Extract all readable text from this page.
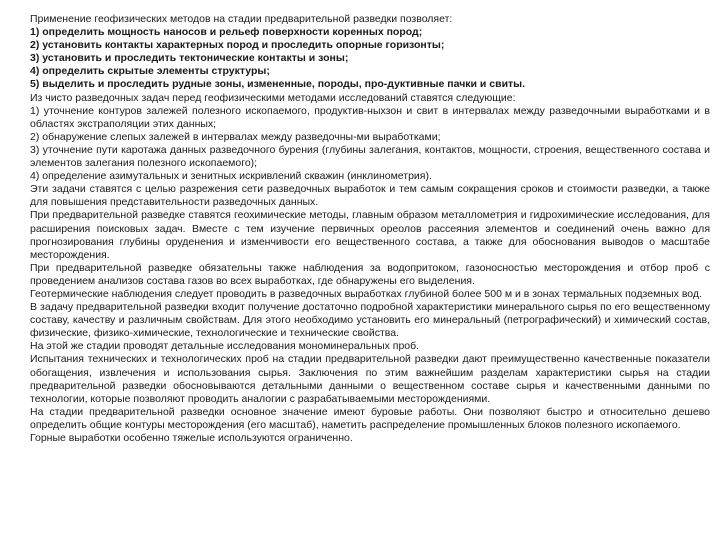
Применение геофизических методов на стадии предварительной разведки позволяет:

1) определить мощность наносов и рельеф поверхности коренных пород;

2) установить контакты характерных пород и проследить опорные горизонты;

3) установить и проследить тектонические контакты и зоны;

4) определить скрытые элементы структуры;

5) выделить и проследить рудные зоны, измененные, породы, про-дуктивные пачки и свиты.

Из чисто разведочных задач перед геофизическими методами исследований ставятся следующие:

1) уточнение контуров залежей полезного ископаемого, продуктив-ныхзон и свит в интервалах между разведочными выработками и в областях экстраполяции этих данных;

2) обнаружение слепых залежей в интервалах между разведочны-ми выработками;

3) уточнение пути каротажа данных разведочного бурения (глубины залегания, контактов, мощности, строения, вещественного состава и элементов залегания полезного ископаемого);

4) определение азимутальных и зенитных искривлений скважин (инклинометрия).

Эти задачи ставятся с целью разрежения сети разведочных выработок и тем самым сокращения сроков и стоимости разведки, а также для повышения представительности разведочных данных.

При предварительной разведке ставятся геохимические методы, главным образом металлометрия и гидрохимические исследования, для расширения поисковых задач. Вместе с тем изучение первичных ореолов рассеяния элементов и соединений очень важно для прогнозирования глубины оруденения и изменчивости его вещественного состава, а также для обоснования выводов о масштабе месторождения.

При предварительной разведке обязательны также наблюдения за водопритоком, газоносностью месторождения и отбор проб с проведением анализов состава газов во всех выработках, где обнаружены его выделения.

Геотермические наблюдения следует проводить в разведочных выработках глубиной более 500 м и в зонах термальных подземных вод.

В задачу предварительной разведки входит получение достаточно подробной характеристики минерального сырья по его вещественному составу, качеству и различным свойствам. Для этого необходимо установить его минеральный (петрографический) и химический состав, физические, физико-химические, технологические и технические свойства.

На этой же стадии проводят детальные исследования мономинеральных проб.

Испытания технических и технологических проб на стадии предварительной разведки дают преимущественно качественные показатели обогащения, извлечения и использования сырья. Заключения по этим важнейшим разделам характеристики сырья на стадии предварительной разведки обосновываются детальными данными о вещественном составе сырья и качественными данными по технологии, которые позволяют проводить аналогии с разрабатываемыми месторождениями.

На стадии предварительной разведки основное значение имеют буровые работы. Они позволяют быстро и относительно дешево определить общие контуры месторождения (его масштаб), наметить распределение промышленных блоков полезного ископаемого.

Горные выработки особенно тяжелые используются ограниченно.
